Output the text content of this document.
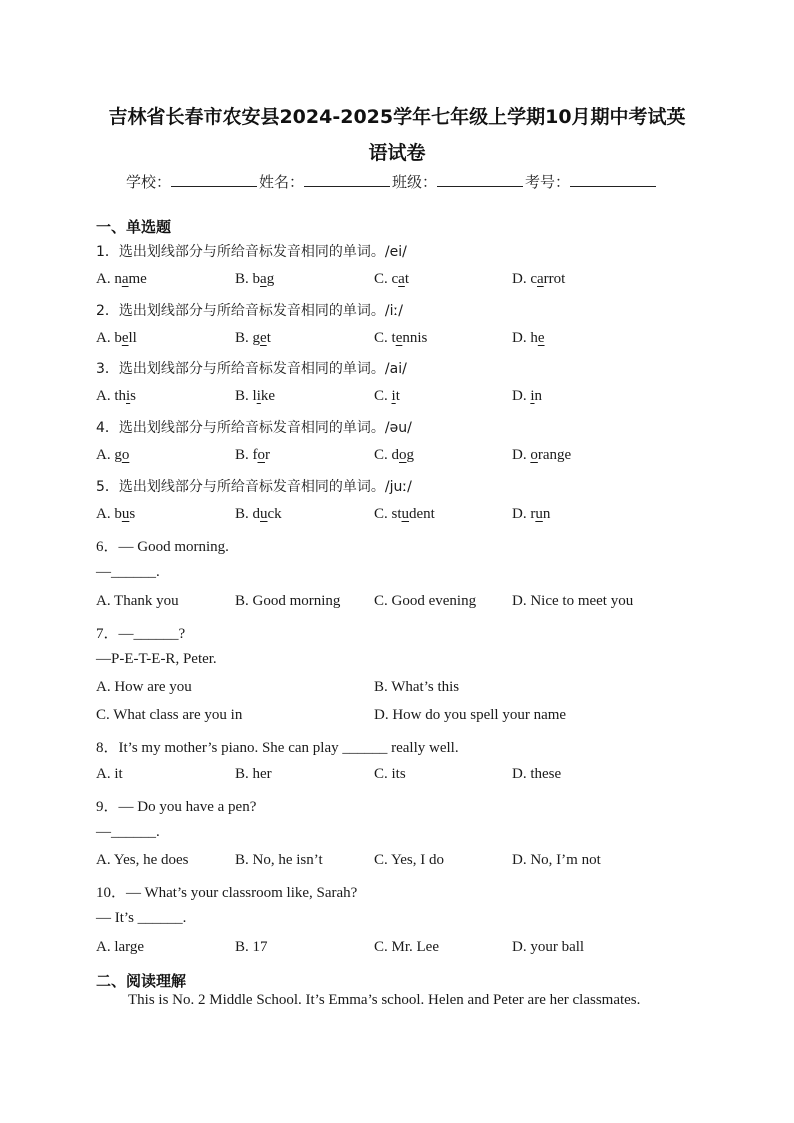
吉林省长春市农安县2024-2025学年七年级上学期10月期中考试英
语试卷
学校：	姓名：	班级：	考号：
一、单选题
1．选出划线部分与所给音标发音相同的单词。/ei/
A. name	B. bag	C. cat	D. carrot
2．选出划线部分与所给音标发音相同的单词。/iː/
A. bell	B. get	C. tennis	D. he
3．选出划线部分与所给音标发音相同的单词。/ai/
A. this	B. like	C. it	D. in
4．选出划线部分与所给音标发音相同的单词。/əu/
A. go	B. for	C. dog	D. orange
5．选出划线部分与所给音标发音相同的单词。/juː/
A. bus	B. duck	C. student	D. run
6．— Good morning.
—______.
A. Thank you	B. Good morning C. Good evening D. Nice to meet you
7．—______?
—P-E-T-E-R, Peter.
A. How are you	B. What’s this
C. What class are you in	D. How do you spell your name
8．It’s my mother’s piano. She can play ______ really well.
A. it	B. her	C. its	D. these
9．— Do you have a pen?
—______.
A. Yes, he does	B. No, he isn’t	C. Yes, I do	D. No, I’m not
10．— What’s your classroom like, Sarah?
— It’s ______.
A. large	B. 17	C. Mr. Lee	D. your ball
二、阅读理解
This is No. 2 Middle School. It’s Emma’s school. Helen and Peter are her classmates.
